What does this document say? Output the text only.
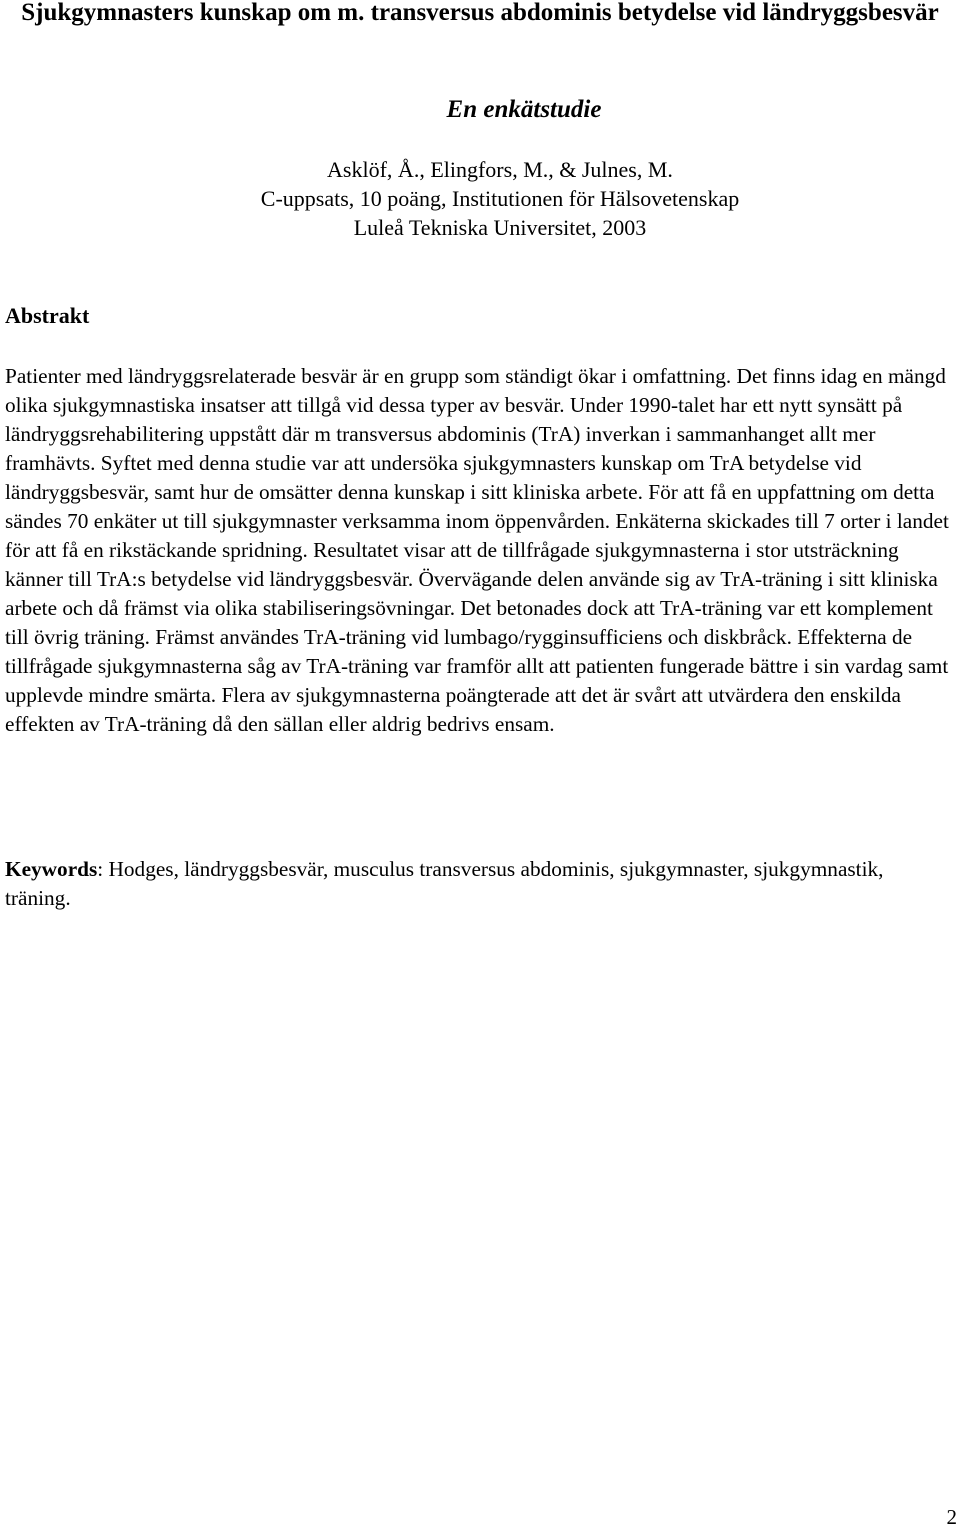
Sjukgymnasters kunskap om m. transversus abdominis betydelse vid ländryggsbesvär
En enkätstudie
Asklöf, Å., Elingfors, M., & Julnes, M.
C-uppsats, 10 poäng, Institutionen för Hälsovetenskap
Luleå Tekniska Universitet, 2003
Abstrakt

Patienter med ländryggsrelaterade besvär är en grupp som ständigt ökar i omfattning. Det finns idag en mängd olika sjukgymnastiska insatser att tillgå vid dessa typer av besvär. Under 1990-talet har ett nytt synsätt på ländryggsrehabilitering uppstått där m transversus abdominis (TrA) inverkan i sammanhanget allt mer framhävts. Syftet med denna studie var att undersöka sjukgymnasters kunskap om TrA betydelse vid ländryggsbesvär, samt hur de omsätter denna kunskap i sitt kliniska arbete. För att få en uppfattning om detta sändes 70 enkäter ut till sjukgymnaster verksamma inom öppenvården. Enkäterna skickades till 7 orter i landet för att få en rikstäckande spridning. Resultatet visar att de tillfrågade sjukgymnasterna i stor utsträckning känner till TrA:s betydelse vid ländryggsbesvär. Övervägande delen använde sig av TrA-träning i sitt kliniska arbete och då främst via olika stabiliseringsövningar. Det betonades dock att TrA-träning var ett komplement till övrig träning. Främst användes TrA-träning vid lumbago/rygginsufficiens och diskbråck. Effekterna de tillfrågade sjukgymnasterna såg av TrA-träning var framför allt att patienten fungerade bättre i sin vardag samt upplevde mindre smärta. Flera av sjukgymnasterna poängterade att det är svårt att utvärdera den enskilda effekten av TrA-träning då den sällan eller aldrig bedrivs ensam.

Keywords: Hodges, ländryggsbesvär, musculus transversus abdominis, sjukgymnaster, sjukgymnastik, träning.

2
